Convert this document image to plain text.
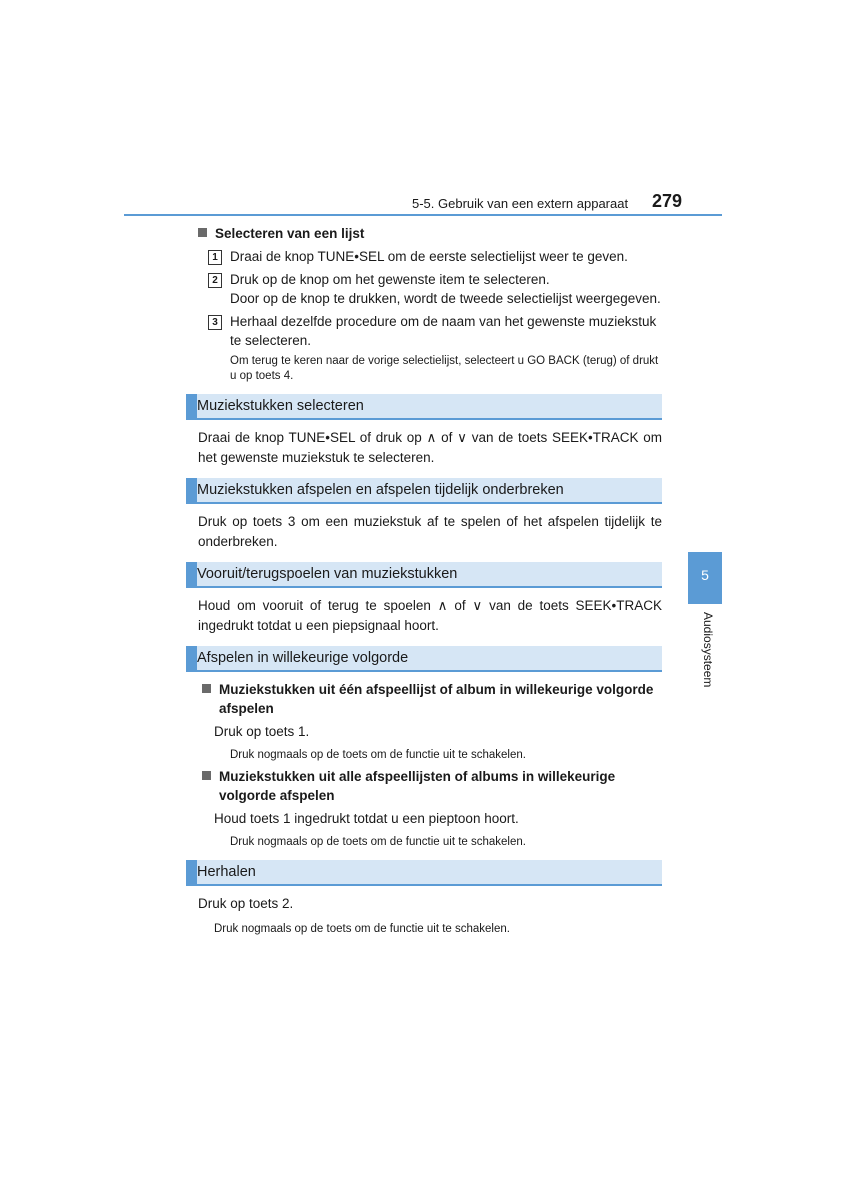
5-5. Gebruik van een extern apparaat 279
5
Audiosysteem
Selecteren van een lijst
1 Draai de knop TUNE•SEL om de eerste selectielijst weer te geven.
2 Druk op de knop om het gewenste item te selecteren.
Door op de knop te drukken, wordt de tweede selectielijst weergegeven.
3 Herhaal dezelfde procedure om de naam van het gewenste muziekstuk te selecteren.
Om terug te keren naar de vorige selectielijst, selecteert u GO BACK (terug) of drukt u op toets 4.
Muziekstukken selecteren
Draai de knop TUNE•SEL of druk op ∧ of ∨ van de toets SEEK•TRACK om het gewenste muziekstuk te selecteren.
Muziekstukken afspelen en afspelen tijdelijk onderbreken
Druk op toets 3 om een muziekstuk af te spelen of het afspelen tijdelijk te onderbreken.
Vooruit/terugspoelen van muziekstukken
Houd om vooruit of terug te spoelen ∧ of ∨ van de toets SEEK•TRACK ingedrukt totdat u een piepsignaal hoort.
Afspelen in willekeurige volgorde
Muziekstukken uit één afspeellijst of album in willekeurige volgorde afspelen
Druk op toets 1.
Druk nogmaals op de toets om de functie uit te schakelen.
Muziekstukken uit alle afspeellijsten of albums in willekeurige volgorde afspelen
Houd toets 1 ingedrukt totdat u een pieptoon hoort.
Druk nogmaals op de toets om de functie uit te schakelen.
Herhalen
Druk op toets 2.
Druk nogmaals op de toets om de functie uit te schakelen.
